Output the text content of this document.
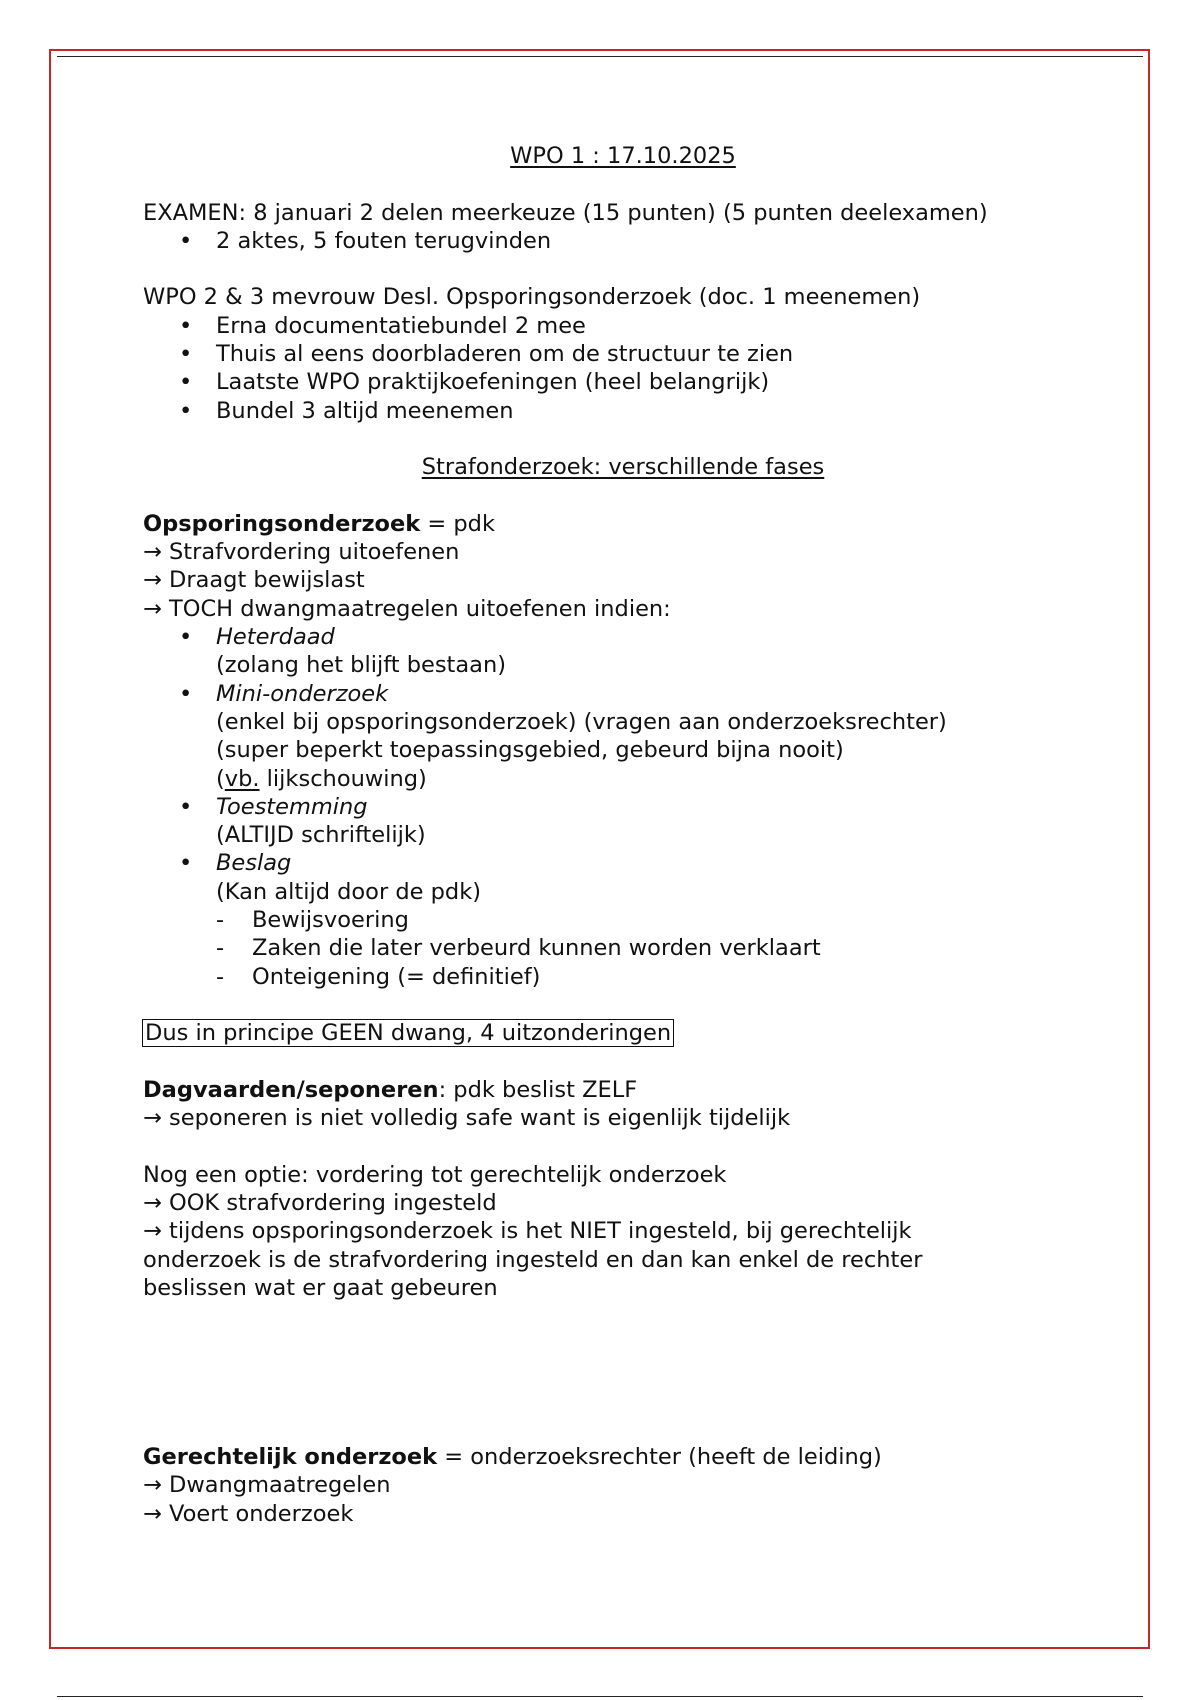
WPO 1 : 17.10.2025
EXAMEN: 8 januari 2 delen meerkeuze (15 punten) (5 punten deelexamen)
• 2 aktes, 5 fouten terugvinden
WPO 2 & 3 mevrouw Desl. Opsporingsonderzoek (doc. 1 meenemen)
• Erna documentatiebundel 2 mee
• Thuis al eens doorbladeren om de structuur te zien
• Laatste WPO praktijkoefeningen (heel belangrijk)
• Bundel 3 altijd meenemen
Strafonderzoek: verschillende fases
Opsporingsonderzoek = pdk
→ Strafvordering uitoefenen
→ Draagt bewijslast
→ TOCH dwangmaatregelen uitoefenen indien:
• Heterdaad
(zolang het blijft bestaan)
• Mini-onderzoek
(enkel bij opsporingsonderzoek) (vragen aan onderzoeksrechter)
(super beperkt toepassingsgebied, gebeurd bijna nooit)
(vb. lijkschouwing)
• Toestemming
(ALTIJD schriftelijk)
• Beslag
(Kan altijd door de pdk)
- Bewijsvoering
- Zaken die later verbeurd kunnen worden verklaart
- Onteigening (= definitief)
Dus in principe GEEN dwang, 4 uitzonderingen
Dagvaarden/seponeren: pdk beslist ZELF
→ seponeren is niet volledig safe want is eigenlijk tijdelijk
Nog een optie: vordering tot gerechtelijk onderzoek
→ OOK strafvordering ingesteld
→ tijdens opsporingsonderzoek is het NIET ingesteld, bij gerechtelijk
onderzoek is de strafvordering ingesteld en dan kan enkel de rechter
beslissen wat er gaat gebeuren
Gerechtelijk onderzoek = onderzoeksrechter (heeft de leiding)
→ Dwangmaatregelen
→ Voert onderzoek
